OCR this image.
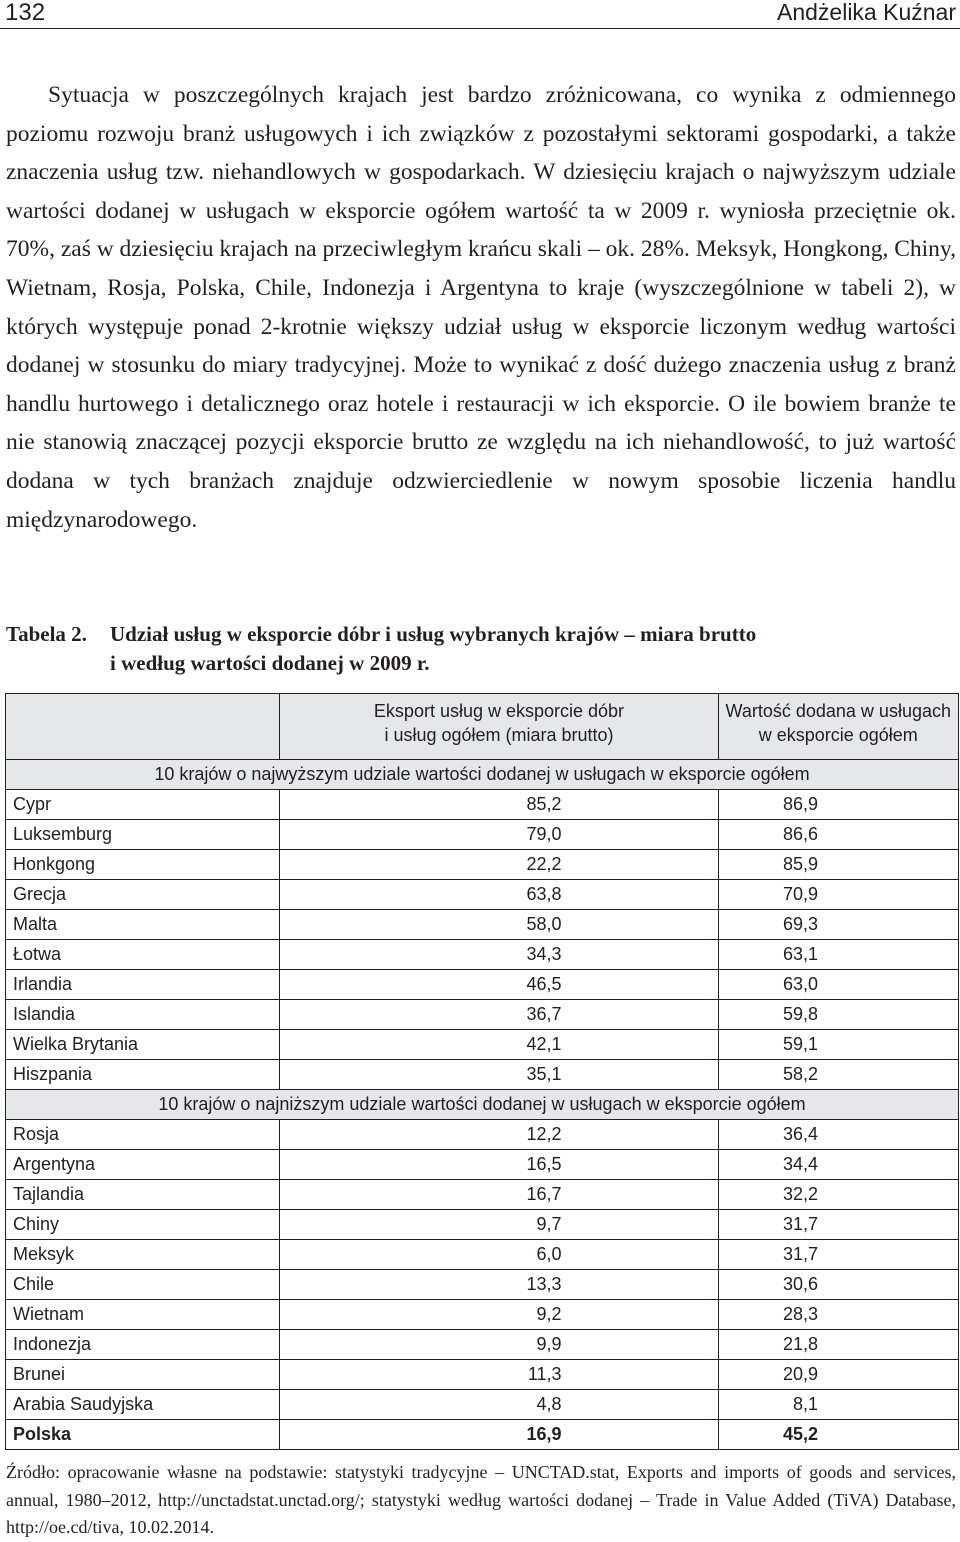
132	Andżelika Kuźnar

Sytuacja w poszczególnych krajach jest bardzo zróżnicowana, co wynika z odmiennego poziomu rozwoju branż usługowych i ich związków z pozostałymi sektorami gospodarki, a także znaczenia usług tzw. niehandlowych w gospodarkach. W dziesięciu krajach o najwyższym udziale wartości dodanej w usługach w eksporcie ogółem wartość ta w 2009 r. wyniosła przeciętnie ok. 70%, zaś w dziesięciu krajach na przeciwległym krańcu skali – ok. 28%. Meksyk, Hongkong, Chiny, Wietnam, Rosja, Polska, Chile, Indonezja i Argentyna to kraje (wyszczególnione w tabeli 2), w których występuje ponad 2-krotnie większy udział usług w eksporcie liczonym według wartości dodanej w stosunku do miary tradycyjnej. Może to wynikać z dość dużego znaczenia usług z branż handlu hurtowego i detalicznego oraz hotele i restauracji w ich eksporcie. O ile bowiem branże te nie stanowią znaczącej pozycji eksporcie brutto ze względu na ich niehandlowość, to już wartość dodana w tych branżach znajduje odzwierciedlenie w nowym sposobie liczenia handlu międzynarodowego.

Tabela 2.	Udział usług w eksporcie dóbr i usług wybranych krajów – miara brutto
i według wartości dodanej w 2009 r.
	Eksport usług w eksporcie dóbr
i usług ogółem (miara brutto)	Wartość dodana w usługach
w eksporcie ogółem
10 krajów o najwyższym udziale wartości dodanej w usługach w eksporcie ogółem		
Cypr	85,2	86,9
Luksemburg	79,0	86,6
Honkgong	22,2	85,9
Grecja	63,8	70,9
Malta	58,0	69,3
Łotwa	34,3	63,1
Irlandia	46,5	63,0
Islandia	36,7	59,8
Wielka Brytania	42,1	59,1
Hiszpania	35,1	58,2
10 krajów o najniższym udziale wartości dodanej w usługach w eksporcie ogółem		
Rosja	12,2	36,4
Argentyna	16,5	34,4
Tajlandia	16,7	32,2
Chiny	9,7	31,7
Meksyk	6,0	31,7
Chile	13,3	30,6
Wietnam	9,2	28,3
Indonezja	9,9	21,8
Brunei	11,3	20,9
Arabia Saudyjska	4,8	8,1
Polska	16,9	45,2
Źródło: opracowanie własne na podstawie: statystyki tradycyjne – UNCTAD.stat, Exports and imports of goods and services, annual, 1980–2012, http://unctadstat.unctad.org/; statystyki według wartości dodanej – Trade in Value Added (TiVA) Database, http://oe.cd/tiva, 10.02.2014.
